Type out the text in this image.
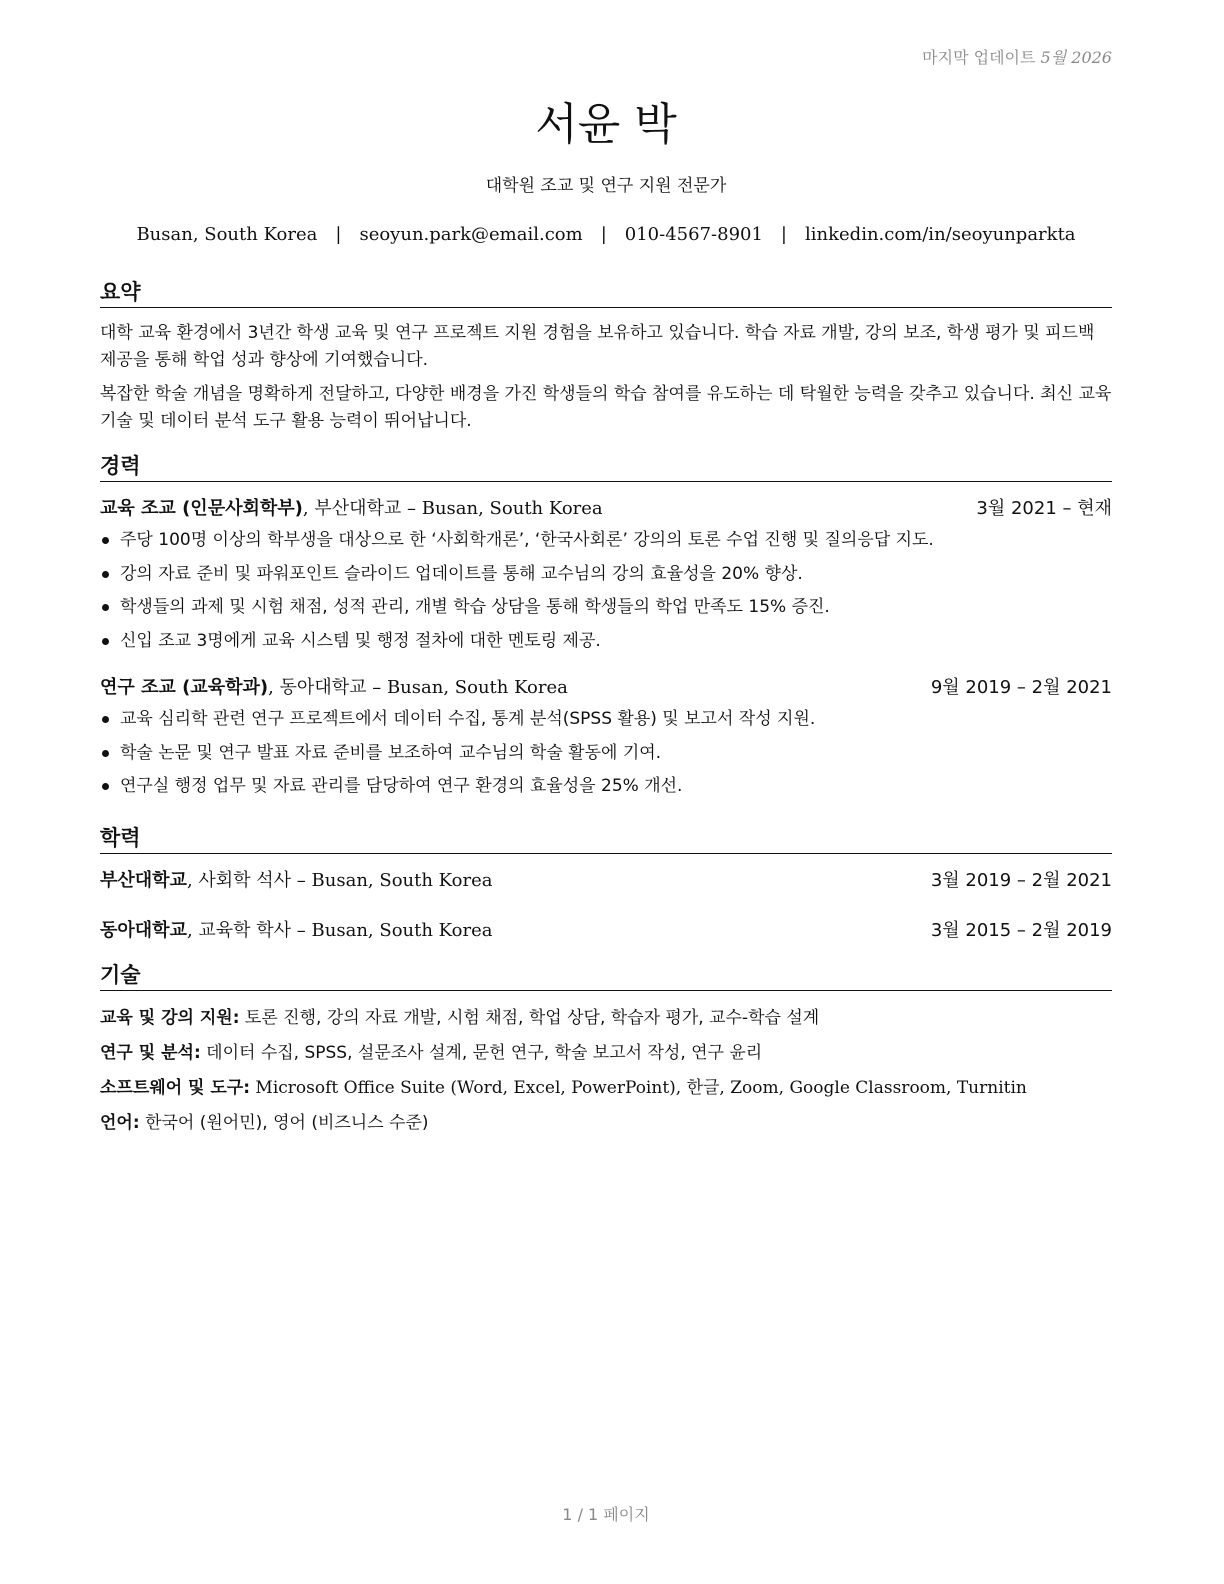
마지막 업데이트 5월 2026
서윤 박
대학원 조교 및 연구 지원 전문가
Busan, South Korea	|	seoyun.park@email.com	|	010-4567-8901	|	linkedin.com/in/seoyunparkta
요약

대학 교육 환경에서 3년간 학생 교육 및 연구 프로젝트 지원 경험을 보유하고 있습니다. 학습 자료 개발, 강의 보조, 학생 평가 및 피드백 제공을 통해 학업 성과 향상에 기여했습니다.

복잡한 학술 개념을 명확하게 전달하고, 다양한 배경을 가진 학생들의 학습 참여를 유도하는 데 탁월한 능력을 갖추고 있습니다. 최신 교육 기술 및 데이터 분석 도구 활용 능력이 뛰어납니다.

경력
교육 조교 (인문사회학부), 부산대학교 – Busan, South Korea	3월 2021 – 현재
주당 100명 이상의 학부생을 대상으로 한 ‘사회학개론’, ‘한국사회론’ 강의의 토론 수업 진행 및 질의응답 지도.
강의 자료 준비 및 파워포인트 슬라이드 업데이트를 통해 교수님의 강의 효율성을 20% 향상.
학생들의 과제 및 시험 채점, 성적 관리, 개별 학습 상담을 통해 학생들의 학업 만족도 15% 증진.
신입 조교 3명에게 교육 시스템 및 행정 절차에 대한 멘토링 제공.
연구 조교 (교육학과), 동아대학교 – Busan, South Korea	9월 2019 – 2월 2021
교육 심리학 관련 연구 프로젝트에서 데이터 수집, 통계 분석(SPSS 활용) 및 보고서 작성 지원.
학술 논문 및 연구 발표 자료 준비를 보조하여 교수님의 학술 활동에 기여.
연구실 행정 업무 및 자료 관리를 담당하여 연구 환경의 효율성을 25% 개선.
학력
부산대학교, 사회학 석사 – Busan, South Korea	3월 2019 – 2월 2021
동아대학교, 교육학 학사 – Busan, South Korea	3월 2015 – 2월 2019
기술
교육 및 강의 지원: 토론 진행, 강의 자료 개발, 시험 채점, 학업 상담, 학습자 평가, 교수-학습 설계
연구 및 분석: 데이터 수집, SPSS, 설문조사 설계, 문헌 연구, 학술 보고서 작성, 연구 윤리
소프트웨어 및 도구: Microsoft Office Suite (Word, Excel, PowerPoint), 한글, Zoom, Google Classroom, Turnitin
언어: 한국어 (원어민), 영어 (비즈니스 수준)
1 / 1 페이지
